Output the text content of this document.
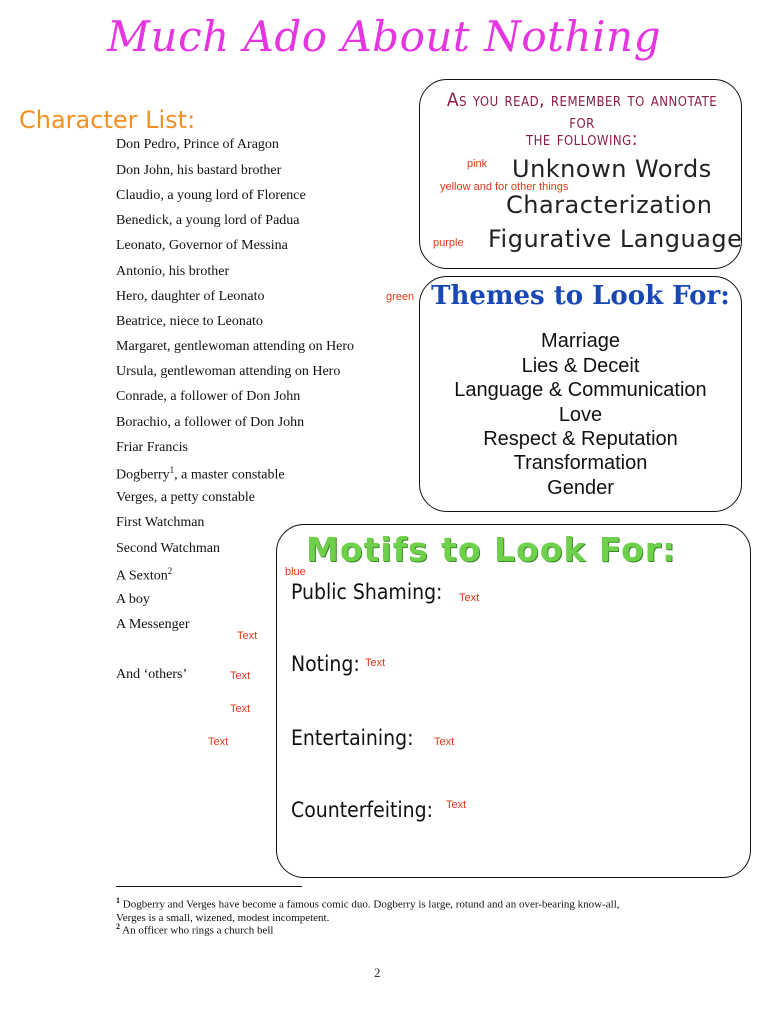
Much Ado About Nothing
Character List:
Don Pedro, Prince of Aragon
Don John, his bastard brother
Claudio, a young lord of Florence
Benedick, a young lord of Padua
Leonato, Governor of Messina
Antonio, his brother
Hero, daughter of Leonato
Beatrice, niece to Leonato
Margaret, gentlewoman attending on Hero
Ursula, gentlewoman attending on Hero
Conrade, a follower of Don John
Borachio, a follower of Don John
Friar Francis
Dogberry$^1$, a master constable
Verges, a petty constable
First Watchman
Second Watchman
A Sexton$^2$
A boy
A Messenger
And ‘others’
Text
Text
Text
Text
As you read, remember to annotate for
the following:
pink Unknown Words
yellow and for other things
Characterization
purple Figurative Language
green Themes to Look For:
Marriage
Lies & Deceit
Language & Communication
Love
Respect & Reputation
Transformation
Gender
Motifs to Look For:
blue
Public Shaming: Text
Noting: Text
Entertaining: Text
Counterfeiting: Text
$^1$ Dogberry and Verges have become a famous comic duo. Dogberry is large, rotund and an over-bearing know-all, Verges is a small, wizened, modest incompetent.
$^2$ An officer who rings a church bell
2
